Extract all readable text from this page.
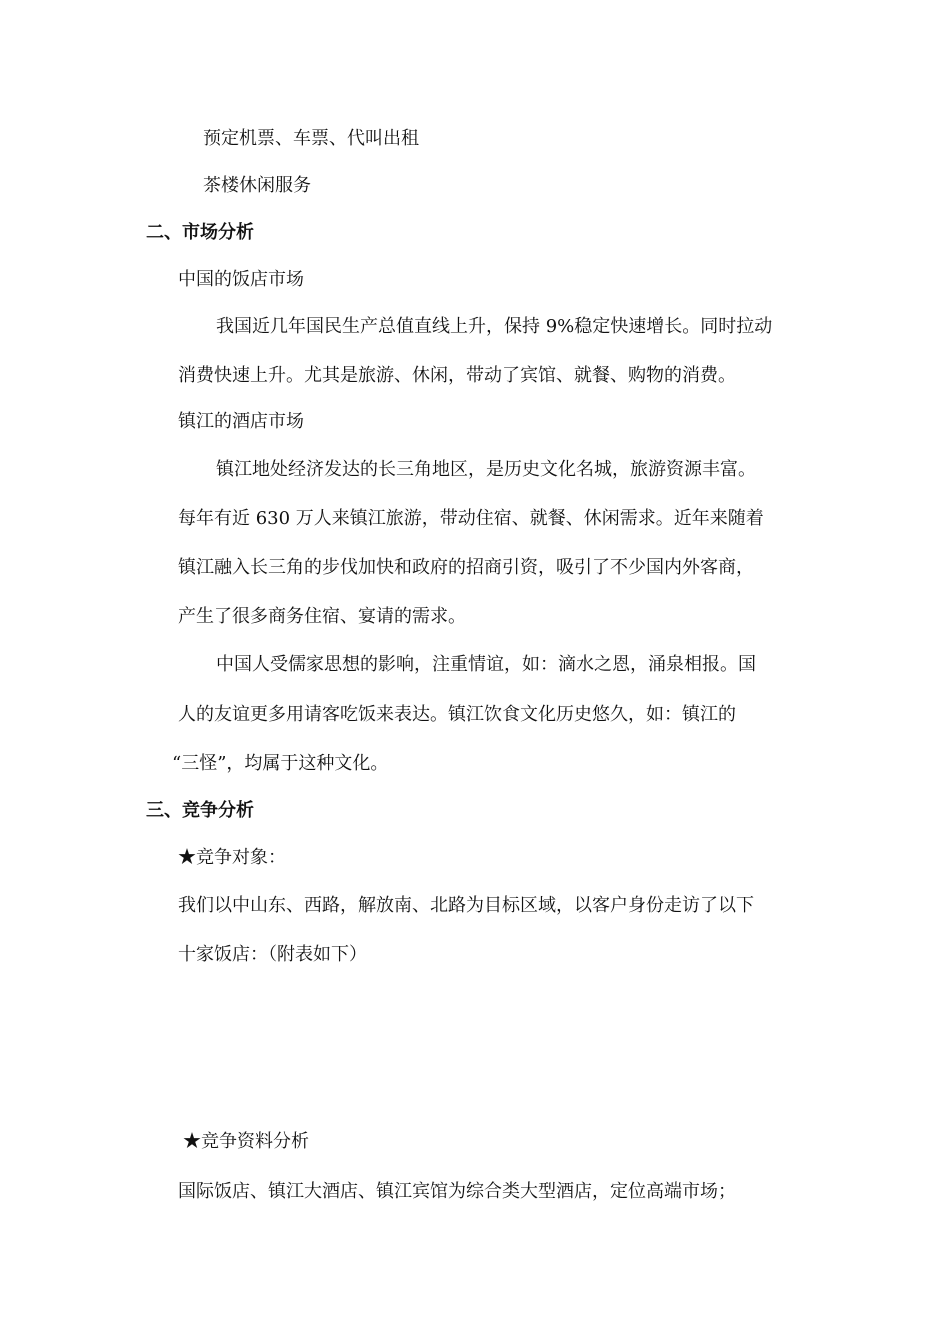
预定机票、车票、代叫出租
茶楼休闲服务
二、市场分析
中国的饭店市场
我国近几年国民生产总值直线上升，保持 9%稳定快速增长。同时拉动
消费快速上升。尤其是旅游、休闲，带动了宾馆、就餐、购物的消费。
镇江的酒店市场
镇江地处经济发达的长三角地区，是历史文化名城，旅游资源丰富。
每年有近 630 万人来镇江旅游，带动住宿、就餐、休闲需求。近年来随着
镇江融入长三角的步伐加快和政府的招商引资，吸引了不少国内外客商，
产生了很多商务住宿、宴请的需求。
中国人受儒家思想的影响，注重情谊，如：滴水之恩，涌泉相报。国
人的友谊更多用请客吃饭来表达。镇江饮食文化历史悠久，如：镇江的
“三怪”，均属于这种文化。
三、竞争分析
★竞争对象：
我们以中山东、西路，解放南、北路为目标区域，以客户身份走访了以下
十家饭店：（附表如下）
★竞争资料分析
国际饭店、镇江大酒店、镇江宾馆为综合类大型酒店，定位高端市场；
